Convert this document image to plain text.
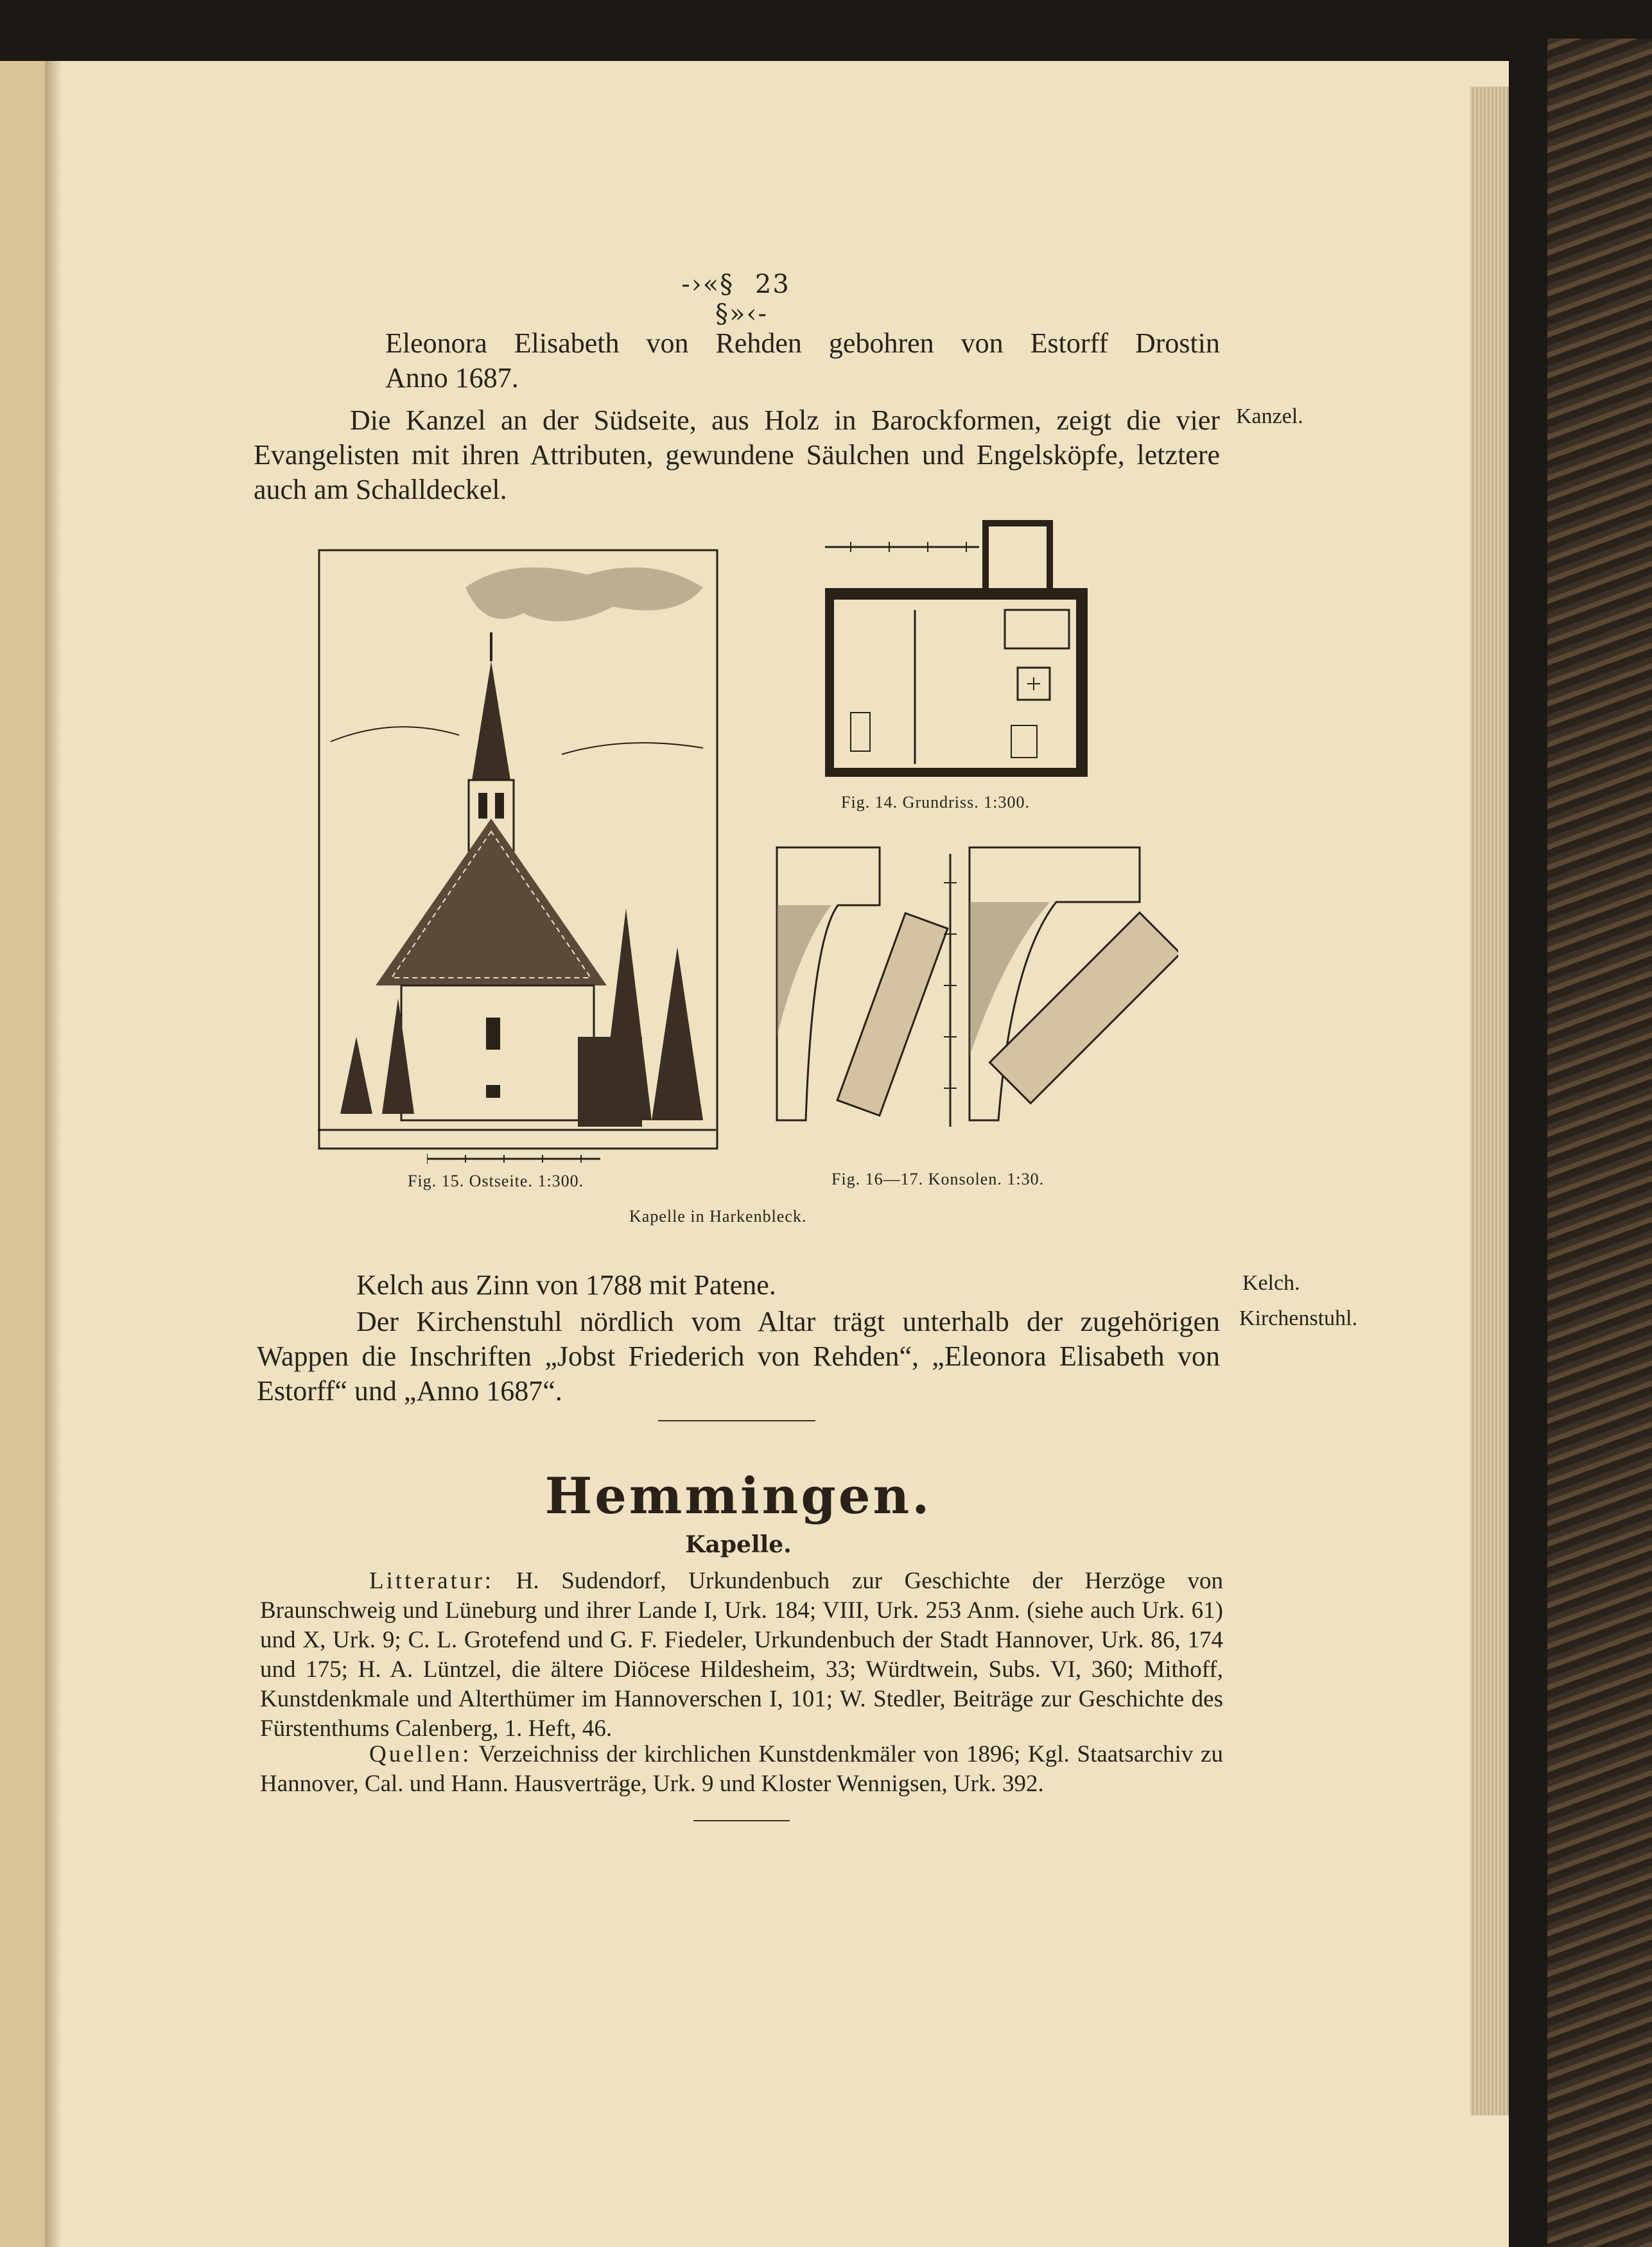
-›«§ 23 §»‹-
Eleonora Elisabeth von Rehden gebohren von Estorff Drostin
Anno 1687.
Die Kanzel an der Südseite, aus Holz in Barockformen, zeigt die vier Evangelisten mit ihren Attributen, gewundene Säulchen und Engelsköpfe, letztere auch am Schalldeckel.
Kanzel.
Fig. 15. Ostseite. 1:300.
Fig. 14. Grundriss. 1:300.
Fig. 16—17. Konsolen. 1:30.
Kapelle in Harkenbleck.
Kelch aus Zinn von 1788 mit Patene.	Kelch.
Der Kirchenstuhl nördlich vom Altar trägt unterhalb der zugehörigen Wappen die Inschriften „Jobst Friederich von Rehden“, „Eleonora Elisabeth von Estorff“ und „Anno 1687“.
Kirchenstuhl.
Hemmingen.
Kapelle.
Litteratur: H. Sudendorf, Urkundenbuch zur Geschichte der Herzöge von Braunschweig und Lüneburg und ihrer Lande I, Urk. 184; VIII, Urk. 253 Anm. (siehe auch Urk. 61) und X, Urk. 9; C. L. Grotefend und G. F. Fiedeler, Urkundenbuch der Stadt Hannover, Urk. 86, 174 und 175; H. A. Lüntzel, die ältere Diöcese Hildesheim, 33; Würdtwein, Subs. VI, 360; Mithoff, Kunstdenkmale und Alterthümer im Hannoverschen I, 101; W. Stedler, Beiträge zur Geschichte des Fürstenthums Calenberg, 1. Heft, 46.
Quellen: Verzeichniss der kirchlichen Kunstdenkmäler von 1896; Kgl. Staatsarchiv zu Hannover, Cal. und Hann. Hausverträge, Urk. 9 und Kloster Wennigsen, Urk. 392.
